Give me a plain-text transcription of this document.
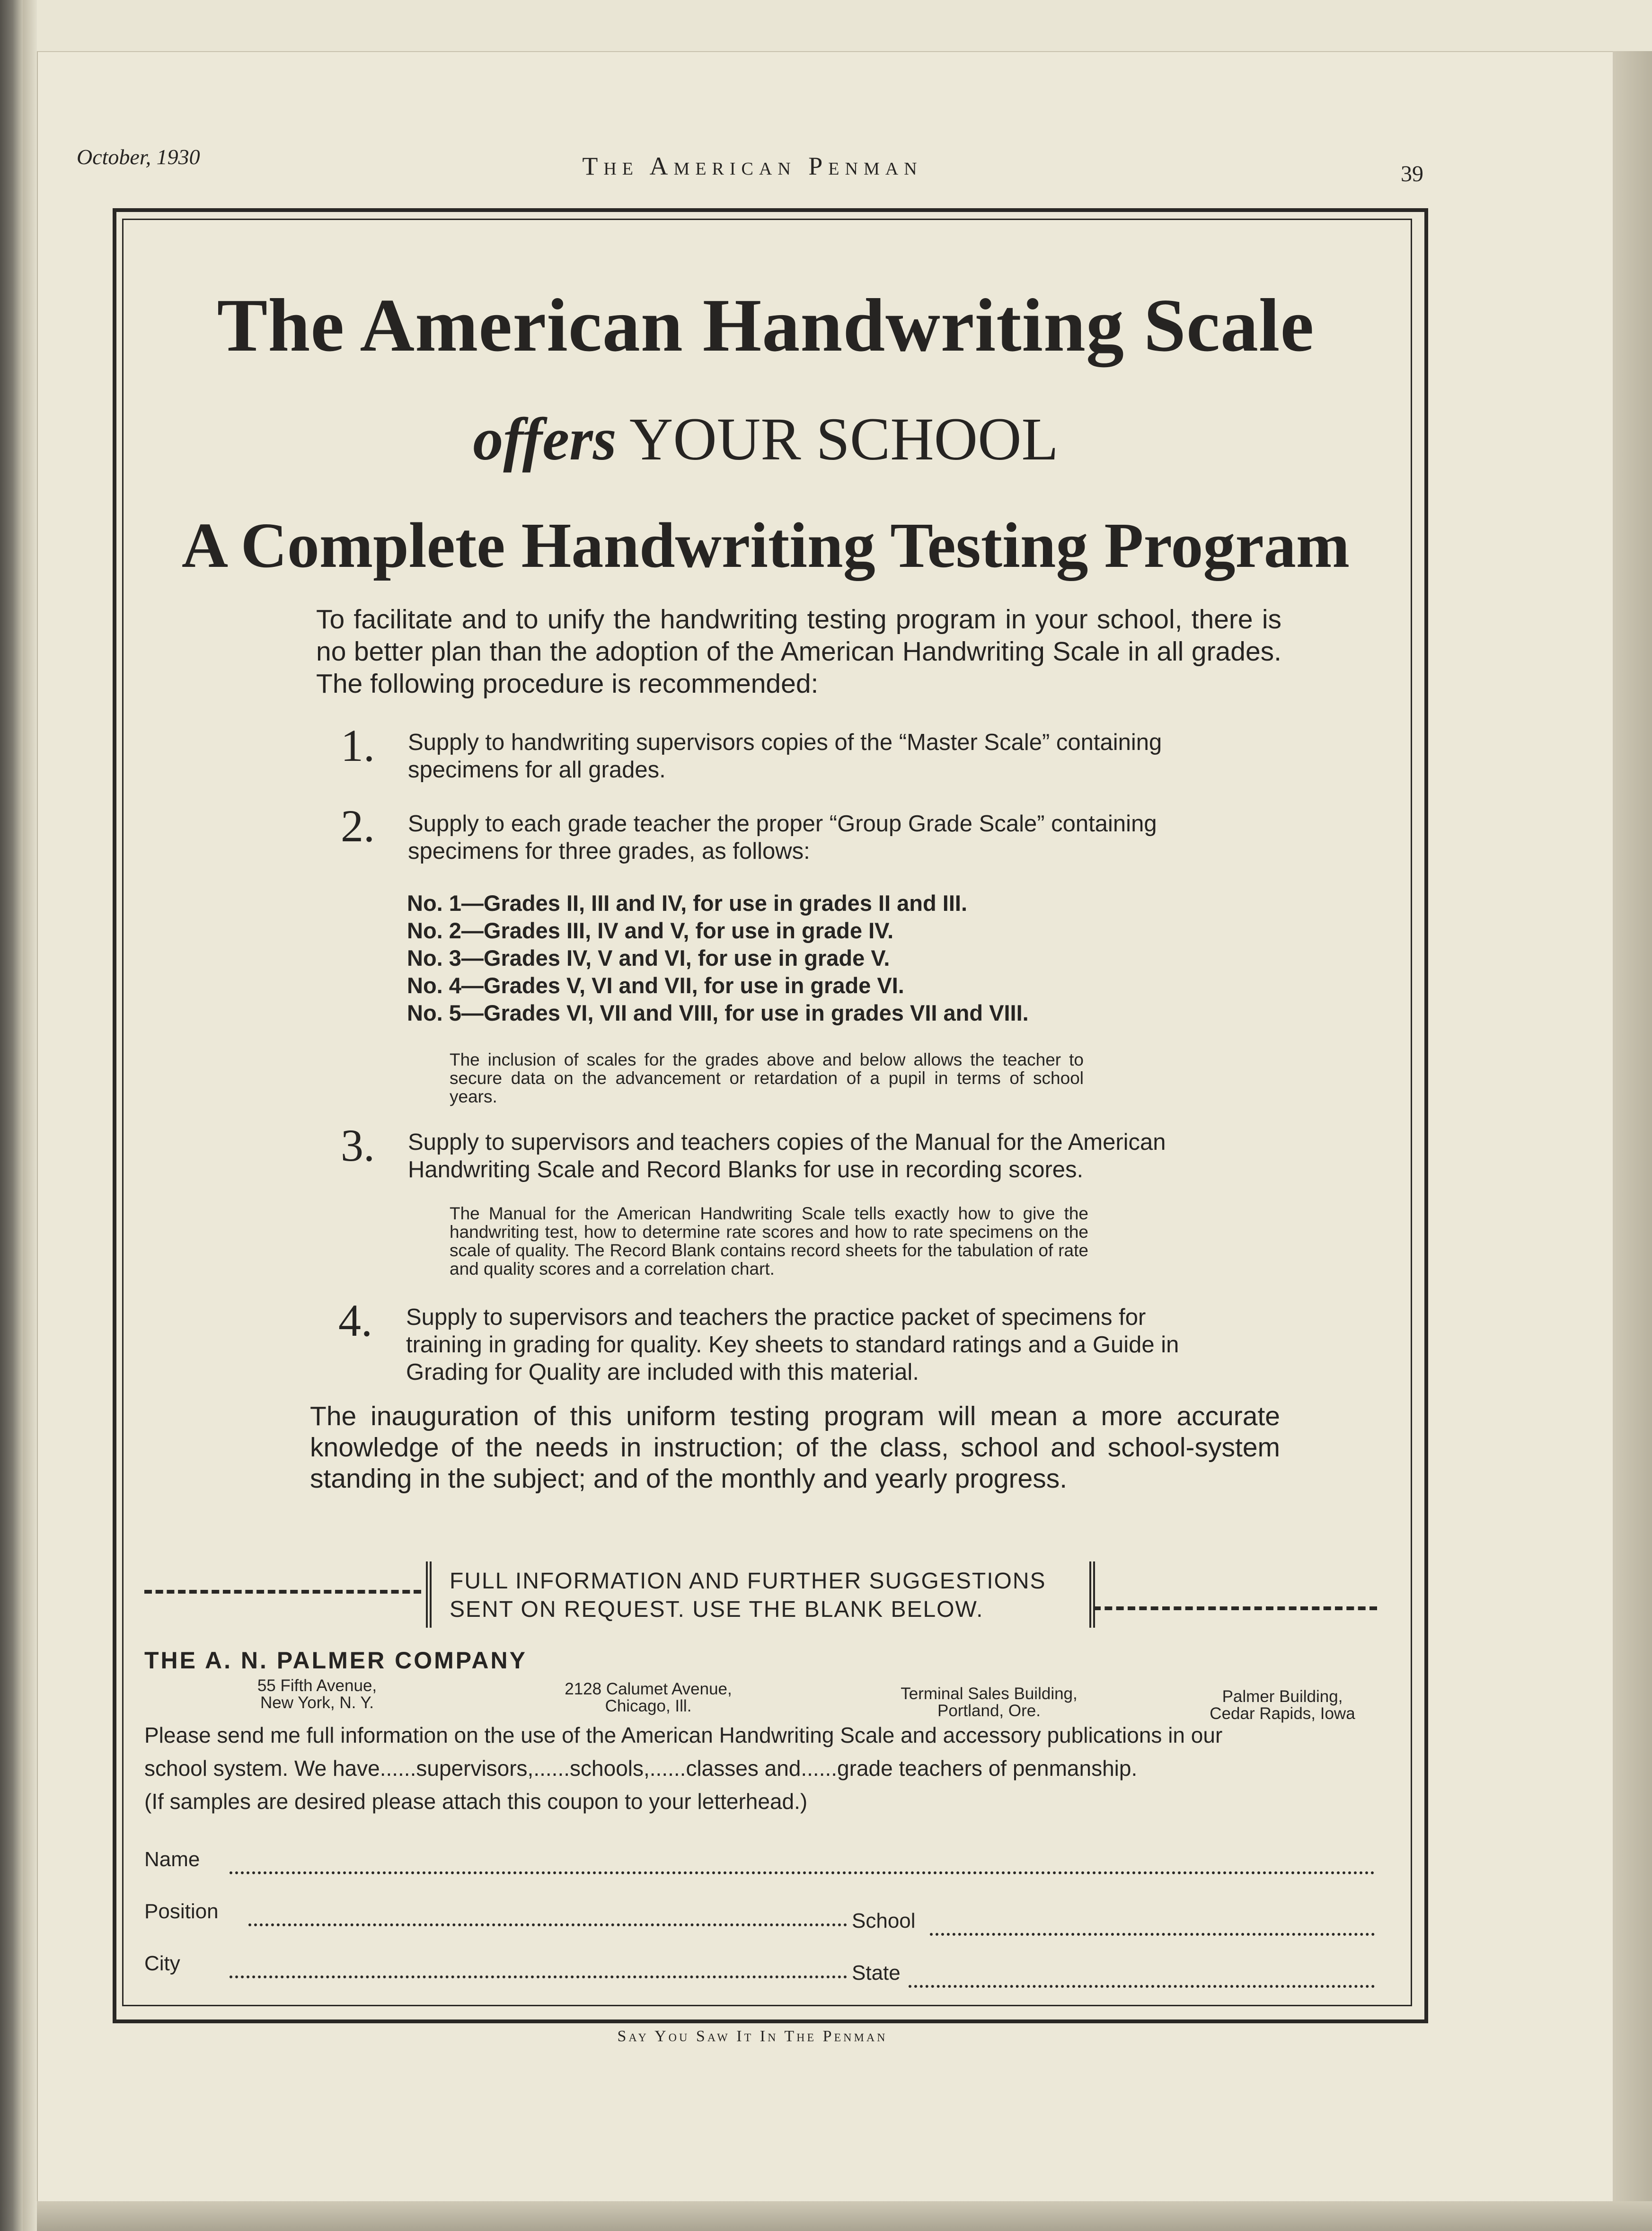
October, 1930	The American Penman	39
The American Handwriting Scale
offers YOUR SCHOOL
A Complete Handwriting Testing Program
To facilitate and to unify the handwriting testing program in your school, there is no better plan than the adoption of the American Handwriting Scale in all grades. The following procedure is recommended:
1. Supply to handwriting supervisors copies of the “Master Scale” containing specimens for all grades.
2. Supply to each grade teacher the proper “Group Grade Scale” containing specimens for three grades, as follows:
No. 1—Grades II, III and IV, for use in grades II and III.
No. 2—Grades III, IV and V, for use in grade IV.
No. 3—Grades IV, V and VI, for use in grade V.
No. 4—Grades V, VI and VII, for use in grade VI.
No. 5—Grades VI, VII and VIII, for use in grades VII and VIII.
The inclusion of scales for the grades above and below allows the teacher to secure data on the advancement or retardation of a pupil in terms of school years.
3. Supply to supervisors and teachers copies of the Manual for the American Handwriting Scale and Record Blanks for use in recording scores.
The Manual for the American Handwriting Scale tells exactly how to give the handwriting test, how to determine rate scores and how to rate specimens on the scale of quality. The Record Blank contains record sheets for the tabulation of rate and quality scores and a correlation chart.
4. Supply to supervisors and teachers the practice packet of specimens for training in grading for quality. Key sheets to standard ratings and a Guide in Grading for Quality are included with this material.
The inauguration of this uniform testing program will mean a more accurate knowledge of the needs in instruction; of the class, school and school-system standing in the subject; and of the monthly and yearly progress.
FULL INFORMATION AND FURTHER SUGGESTIONS
SENT ON REQUEST. USE THE BLANK BELOW.
THE A. N. PALMER COMPANY
55 Fifth Avenue,
New York, N. Y.
2128 Calumet Avenue,
Chicago, Ill.
Terminal Sales Building,
Portland, Ore.
Palmer Building,
Cedar Rapids, Iowa
Please send me full information on the use of the American Handwriting Scale and accessory publications in our
school system. We have......supervisors,......schools,......classes and......grade teachers of penmanship.
(If samples are desired please attach this coupon to your letterhead.)
Name
Position	School
City	State
Say You Saw It In The Penman
